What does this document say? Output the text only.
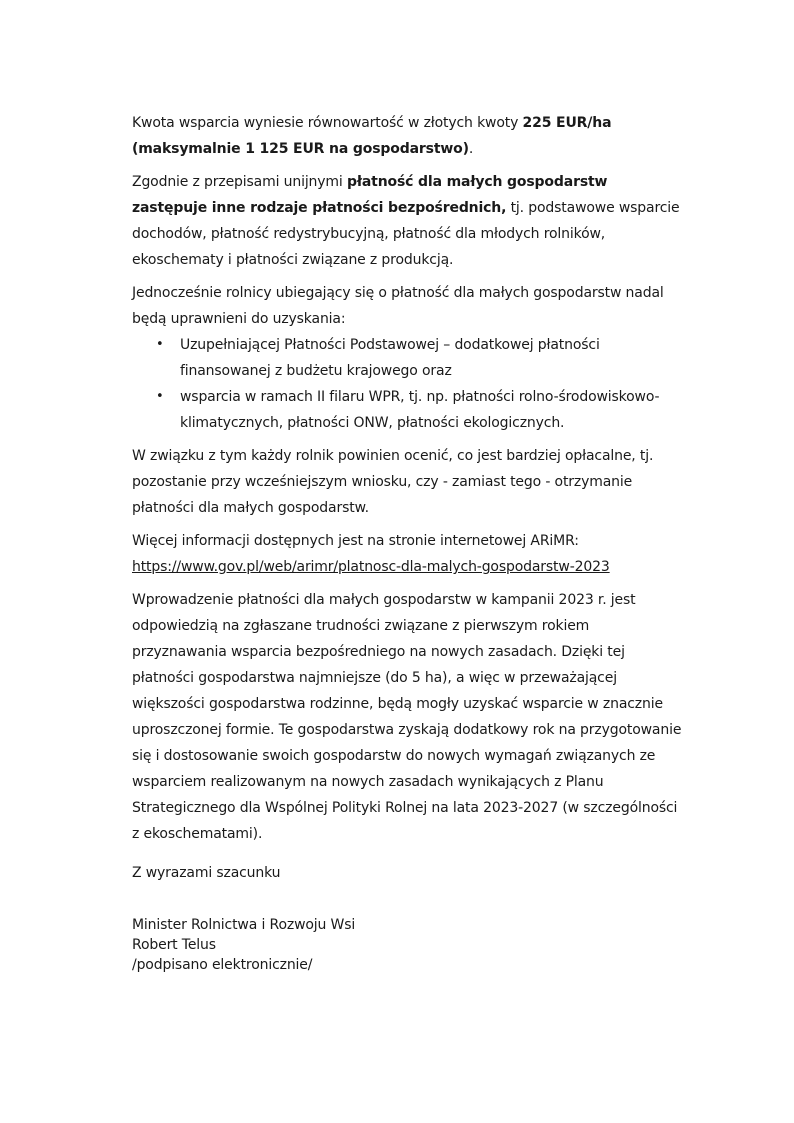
Kwota wsparcia wyniesie równowartość w złotych kwoty 225 EUR/ha (maksymalnie 1 125 EUR na gospodarstwo).

Zgodnie z przepisami unijnymi płatność dla małych gospodarstw zastępuje inne rodzaje płatności bezpośrednich, tj. podstawowe wsparcie dochodów, płatność redystrybucyjną, płatność dla młodych rolników, ekoschematy i płatności związane z produkcją.

Jednocześnie rolnicy ubiegający się o płatność dla małych gospodarstw nadal będą uprawnieni do uzyskania:

• Uzupełniającej Płatności Podstawowej – dodatkowej płatności finansowanej z budżetu krajowego oraz
• wsparcia w ramach II filaru WPR, tj. np. płatności rolno-środowiskowo-klimatycznych, płatności ONW, płatności ekologicznych.

W związku z tym każdy rolnik powinien ocenić, co jest bardziej opłacalne, tj. pozostanie przy wcześniejszym wniosku, czy - zamiast tego - otrzymanie płatności dla małych gospodarstw.

Więcej informacji dostępnych jest na stronie internetowej ARiMR:
https://www.gov.pl/web/arimr/platnosc-dla-malych-gospodarstw-2023

Wprowadzenie płatności dla małych gospodarstw w kampanii 2023 r. jest odpowiedzią na zgłaszane trudności związane z pierwszym rokiem przyznawania wsparcia bezpośredniego na nowych zasadach. Dzięki tej płatności gospodarstwa najmniejsze (do 5 ha), a więc w przeważającej większości gospodarstwa rodzinne, będą mogły uzyskać wsparcie w znacznie uproszczonej formie. Te gospodarstwa zyskają dodatkowy rok na przygotowanie się i dostosowanie swoich gospodarstw do nowych wymagań związanych ze wsparciem realizowanym na nowych zasadach wynikających z Planu Strategicznego dla Wspólnej Polityki Rolnej na lata 2023-2027 (w szczególności z ekoschematami).

Z wyrazami szacunku
Minister Rolnictwa i Rozwoju Wsi
Robert Telus
/podpisano elektronicznie/
